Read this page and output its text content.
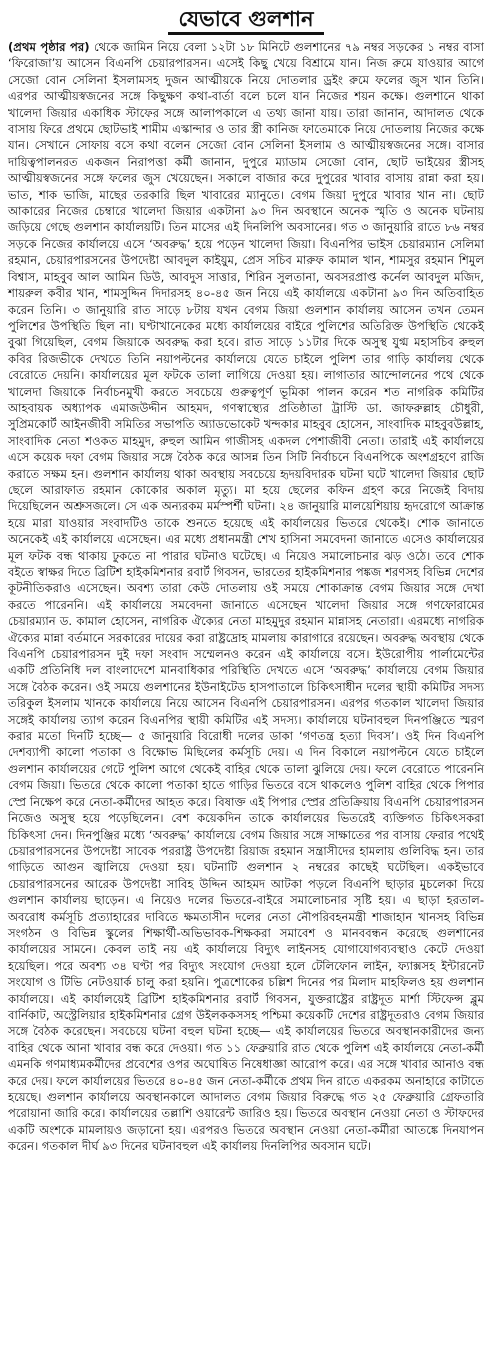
যেভাবে গুলশান

(প্রথম পৃষ্ঠার পর) থেকে জামিন নিয়ে বেলা ১২টা ১৮ মিনিটে গুলশানের ৭৯ নম্বর সড়কের ১ নম্বর বাসা ‘ফিরোজা’য় আসেন বিএনপি চেয়ারপারসন। এসেই কিছু খেয়ে বিশ্রামে যান। নিজ রুমে যাওয়ার আগে সেজো বোন সেলিনা ইসলামসহ দুজন আত্মীয়কে নিয়ে দোতলার ড্রইং রুমে ফলের জুস খান তিনি। এরপর আত্মীয়স্বজনের সঙ্গে কিছুক্ষণ কথা-বার্তা বলে চলে যান নিজের শয়ন কক্ষে। গুলশানে থাকা খালেদা জিয়ার একাধিক স্টাফের সঙ্গে আলাপকালে এ তথ্য জানা যায়। তারা জানান, আদালত থেকে বাসায় ফিরে প্রথমে ছোটভাই শামীম এস্কান্দার ও তার স্ত্রী কানিজ ফাতেমাকে নিয়ে দোতলায় নিজের কক্ষে যান। সেখানে সোফায় বসে কথা বলেন সেজো বোন সেলিনা ইসলাম ও আত্মীয়স্বজনের সঙ্গে। বাসার দায়িত্বপালনরত একজন নিরাপত্তা কর্মী জানান, দুপুরে ম্যাডাম সেজো বোন, ছোট ভাইয়ের স্ত্রীসহ আত্মীয়স্বজনের সঙ্গে ফলের জুস খেয়েছেন। সকালে বাজার করে দুপুরের খাবার বাসায় রান্না করা হয়। ভাত, শাক ভাজি, মাছের তরকারি ছিল খাবারের ম্যানুতে। বেগম জিয়া দুপুরে খাবার খান না। ছোট আকারের নিজের চেম্বারে খালেদা জিয়ার একটানা ৯৩ দিন অবস্থানে অনেক স্মৃতি ও অনেক ঘটনায় জড়িয়ে গেছে গুলশান কার্যালয়টি। তিন মাসের এই দিনলিপি অবসানের। গত ৩ জানুয়ারি রাতে ৮৬ নম্বর সড়কে নিজের কার্যালয়ে এসে ‘অবরুদ্ধ’ হয়ে পড়েন খালেদা জিয়া। বিএনপির ভাইস চেয়ারম্যান সেলিমা রহমান, চেয়ারপারসনের উপদেষ্টা আবদুল কাইয়ুম, প্রেস সচিব মারুফ কামাল খান, শামসুর রহমান শিমুল বিশ্বাস, মাহবুব আল আমিন ডিউ, আবদুস সাত্তার, শিরিন সুলতানা, অবসরপ্রাপ্ত কর্নেল আবদুল মজিদ, শায়রুল কবীর খান, শামসুদ্দিন দিদারসহ ৪০-৪৫ জন নিয়ে এই কার্যালয়ে একটানা ৯৩ দিন অতিবাহিত করেন তিনি। ৩ জানুয়ারি রাত সাড়ে ৮টায় যখন বেগম জিয়া গুলশান কার্যালয় আসেন তখন তেমন পুলিশের উপস্থিতি ছিল না। ঘণ্টাখানেকের মধ্যে কার্যালয়ের বাইরে পুলিশের অতিরিক্ত উপস্থিতি থেকেই বুঝা গিয়েছিল, বেগম জিয়াকে অবরুদ্ধ করা হবে। রাত সাড়ে ১১টার দিকে অসুস্থ যুগ্ম মহাসচিব রুহুল কবির রিজভীকে দেখতে তিনি নয়াপল্টনের কার্যালয়ে যেতে চাইলে পুলিশ তার গাড়ি কার্যালয় থেকে বেরোতে দেয়নি। কার্যালয়ের মূল ফটকে তালা লাগিয়ে দেওয়া হয়। লাগাতার আন্দোলনের পথে থেকে খালেদা জিয়াকে নির্বাচনমুখী করতে সবচেয়ে গুরুত্বপূর্ণ ভূমিকা পালন করেন শত নাগরিক কমিটির আহবায়ক অধ্যাপক এমাজউদ্দীন আহমদ, গণস্বাস্থ্যের প্রতিষ্ঠাতা ট্রাস্টি ডা. জাফরুল্লাহ চৌধুরী, সুপ্রিমকোর্ট আইনজীবী সমিতির সভাপতি অ্যাডভোকেট খন্দকার মাহবুব হোসেন, সাংবাদিক মাহবুবউল্লাহ, সাংবাদিক নেতা শওকত মাহমুদ, রুহুল আমিন গাজীসহ একদল পেশাজীবী নেতা। তারাই এই কার্যালয়ে এসে কয়েক দফা বেগম জিয়ার সঙ্গে বৈঠক করে আসন্ন তিন সিটি নির্বাচনে বিএনপিকে অংশগ্রহণে রাজি করাতে সক্ষম হন। গুলশান কার্যালয় থাকা অবস্থায় সবচেয়ে হৃদয়বিদারক ঘটনা ঘটে খালেদা জিয়ার ছোট ছেলে আরাফাত রহমান কোকোর অকাল মৃত্যু। মা হয়ে ছেলের কফিন গ্রহণ করে নিজেই বিদায় দিয়েছিলেন অশ্রুসজলে। সে এক অন্যরকম মর্মস্পর্শী ঘটনা। ২৪ জানুয়ারি মালয়েশিয়ায় হৃদরোগে আক্রান্ত হয়ে মারা যাওয়ার সংবাদটিও তাকে শুনতে হয়েছে এই কার্যালয়ের ভিতরে থেকেই। শোক জানাতে অনেকেই এই কার্যালয়ে এসেছেন। এর মধ্যে প্রধানমন্ত্রী শেখ হাসিনা সমবেদনা জানাতে এসেও কার্যালয়ের মূল ফটক বন্ধ থাকায় ঢুকতে না পারার ঘটনাও ঘটেছে। এ নিয়েও সমালোচনার ঝড় ওঠে। তবে শোক বইতে স্বাক্ষর দিতে ব্রিটিশ হাইকমিশনার রবার্ট গিবসন, ভারতের হাইকমিশনার পঙ্কজ শরণসহ বিভিন্ন দেশের কূটনীতিকরাও এসেছেন। অবশ্য তারা কেউ দোতলায় ওই সময়ে শোকাক্রান্ত বেগম জিয়ার সঙ্গে দেখা করতে পারেননি। এই কার্যালয়ে সমবেদনা জানাতে এসেছেন খালেদা জিয়ার সঙ্গে গণফোরামের চেয়ারম্যান ড. কামাল হোসেন, নাগরিক ঐক্যের নেতা মাহমুদুর রহমান মান্নাসহ নেতারা। এরমধ্যে নাগরিক ঐক্যের মান্না বর্তমানে সরকারের দায়ের করা রাষ্ট্রদ্রোহ মামলায় কারাগারে রয়েছেন। অবরুদ্ধ অবস্থায় থেকে বিএনপি চেয়ারপারসন দুই দফা সংবাদ সম্মেলনও করেন এই কার্যালয়ে বসে। ইউরোপীয় পার্লামেন্টের একটি প্রতিনিধি দল বাংলাদেশে মানবাধিকার পরিস্থিতি দেখতে এসে ‘অবরুদ্ধ’ কার্যালয়ে বেগম জিয়ার সঙ্গে বৈঠক করেন। ওই সময়ে গুলশানের ইউনাইটেড হাসপাতালে চিকিৎসাধীন দলের স্থায়ী কমিটির সদস্য তরিকুল ইসলাম খানকে কার্যালয়ে নিয়ে আসেন বিএনপি চেয়ারপারসন। এরপর গতকাল খালেদা জিয়ার সঙ্গেই কার্যালয় ত্যাগ করেন বিএনপির স্থায়ী কমিটির এই সদস্য। কার্যালয়ে ঘটনাবহুল দিনপঞ্জিতে স্মরণ করার মতো দিনটি হচ্ছে— ৫ জানুয়ারি বিরোধী দলের ডাকা ‘গণতন্ত্র হত্যা দিবস’। ওই দিন বিএনপি দেশব্যাপী কালো পতাকা ও বিক্ষোভ মিছিলের কর্মসূচি দেয়। এ দিন বিকালে নয়াপল্টনে যেতে চাইলে গুলশান কার্যালয়ের গেটে পুলিশ আগে থেকেই বাহির থেকে তালা ঝুলিয়ে দেয়। ফলে বেরোতে পারেননি বেগম জিয়া। ভিতরে থেকে কালো পতাকা হাতে গাড়ির ভিতরে বসে থাকলেও পুলিশ বাহির থেকে পিপার স্প্রে নিক্ষেপ করে নেতা-কর্মীদের আহত করে। বিষাক্ত এই পিপার স্প্রের প্রতিক্রিয়ায় বিএনপি চেয়ারপারসন নিজেও অসুস্থ হয়ে পড়েছিলেন। বেশ কয়েকদিন তাকে কার্যালয়ের ভিতরেই ব্যক্তিগত চিকিৎসকরা চিকিৎসা দেন। দিনপুঞ্জির মধ্যে ‘অবরুদ্ধ’ কার্যালয়ে বেগম জিয়ার সঙ্গে সাক্ষাতের পর বাসায় ফেরার পথেই চেয়ারপারসনের উপদেষ্টা সাবেক পররাষ্ট্র উপদেষ্টা রিয়াজ রহমান সন্ত্রাসীদের হামলায় গুলিবিদ্ধ হন। তার গাড়িতে আগুন জ্বালিয়ে দেওয়া হয়। ঘটনাটি গুলশান ২ নম্বরের কাছেই ঘটেছিল। একইভাবে চেয়ারপারসনের আরেক উপদেষ্টা সাবিহ উদ্দিন আহমদ আটকা পড়লে বিএনপি ছাড়ার মুচলেকা দিয়ে গুলশান কার্যালয় ছাড়েন। এ নিয়েও দলের ভিতরে-বাইরে সমালোচনার সৃষ্টি হয়। এ ছাড়া হরতাল-অবরোধ কর্মসূচি প্রত্যাহারের দাবিতে ক্ষমতাসীন দলের নেতা নৌপরিবহনমন্ত্রী শাজাহান খানসহ বিভিন্ন সংগঠন ও বিভিন্ন স্কুলের শিক্ষার্থী-অভিভাবক-শিক্ষকরা সমাবেশ ও মানববন্ধন করেছে গুলশানের কার্যালয়ের সামনে। কেবল তাই নয় এই কার্যালয়ে বিদ্যুৎ লাইনসহ যোগাযোগব্যবস্থাও কেটে দেওয়া হয়েছিল। পরে অবশ্য ৩৪ ঘণ্টা পর বিদ্যুৎ সংযোগ দেওয়া হলে টেলিফোন লাইন, ফ্যাক্সসহ ইন্টারনেট সংযোগ ও টিভি নেটওয়ার্ক চালু করা হয়নি। পুত্রশোকের চল্লিশ দিনের পর মিলাদ মাহফিলও হয় গুলশান কার্যালয়ে। এই কার্যালয়েই ব্রিটিশ হাইকমিশনার রবার্ট গিবসন, যুক্তরাষ্ট্রের রাষ্ট্রদূত মার্শা স্টিফেন্স ব্লুম বার্নিকাট, অস্ট্রেলিয়ার হাইকমিশনার গ্রেগ উইলককসসহ পশ্চিমা কয়েকটি দেশের রাষ্ট্রদূতরাও বেগম জিয়ার সঙ্গে বৈঠক করেছেন। সবচেয়ে ঘটনা বহুল ঘটনা হচ্ছে— এই কার্যালয়ের ভিতরে অবস্থানকারীদের জন্য বাহির থেকে আনা খাবার বন্ধ করে দেওয়া। গত ১১ ফেব্রুয়ারি রাত থেকে পুলিশ এই কার্যালয়ে নেতা-কর্মী এমনকি গণমাধ্যমকর্মীদের প্রবেশের ওপর অঘোষিত নিষেধাজ্ঞা আরোপ করে। এর সঙ্গে খাবার আনাও বন্ধ করে দেয়। ফলে কার্যালয়ের ভিতরে ৪০-৪৫ জন নেতা-কর্মীকে প্রথম দিন রাতে একরকম অনাহারে কাটাতে হয়েছে। গুলশান কার্যালয়ে অবস্থানকালে আদালত বেগম জিয়ার বিরুদ্ধে গত ২৫ ফেব্রুয়ারি গ্রেফতারি পরোয়ানা জারি করে। কার্যালয়ের তল্লাশি ওয়ারেন্ট জারিও হয়। ভিতরে অবস্থান নেওয়া নেতা ও স্টাফদের একটি অংশকে মামলায়ও জড়ানো হয়। এরপরও ভিতরে অবস্থান নেওয়া নেতা-কর্মীরা আতঙ্কে দিনযাপন করেন। গতকাল দীর্ঘ ৯৩ দিনের ঘটনাবহুল এই কার্যালয় দিনলিপির অবসান ঘটে।
